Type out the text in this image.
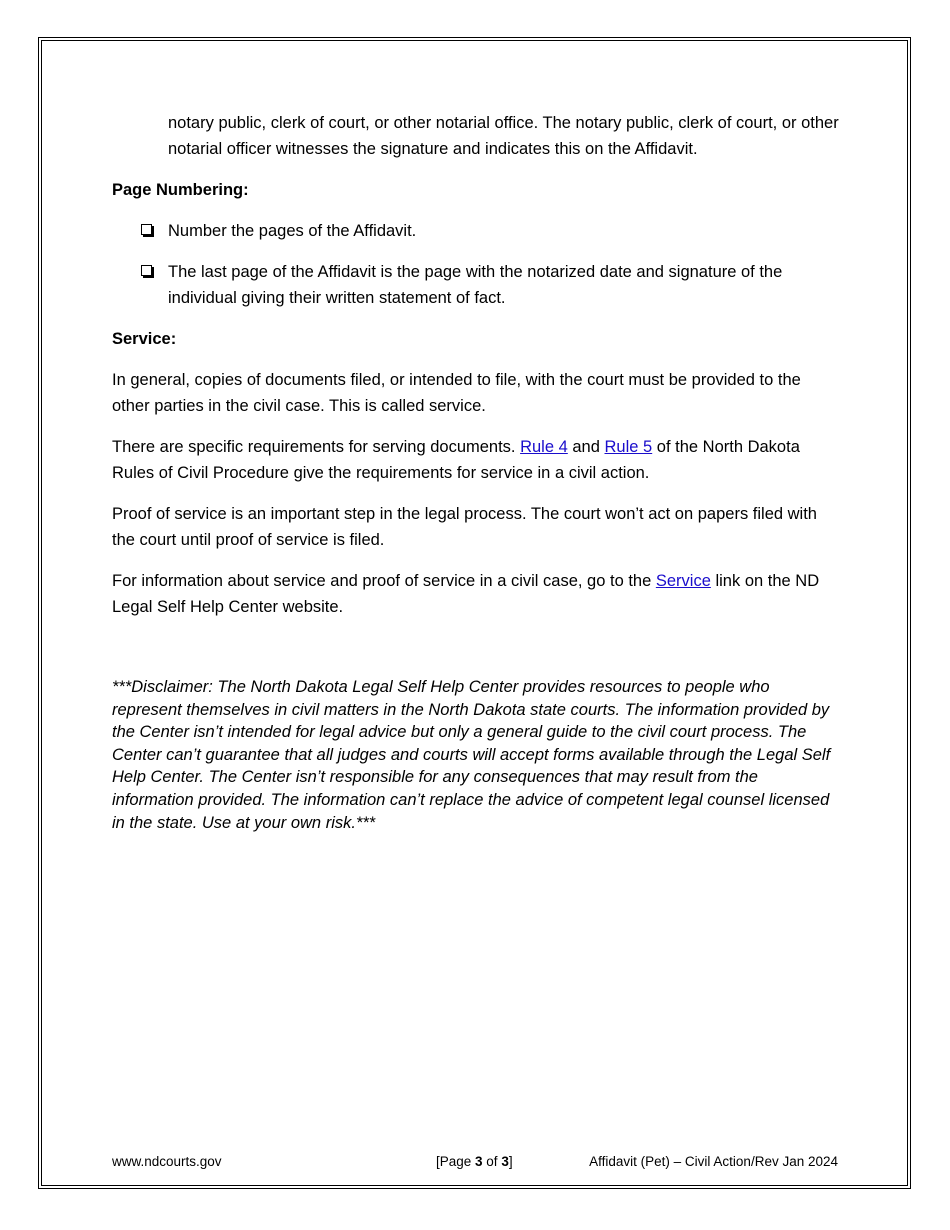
notary public, clerk of court, or other notarial office. The notary public, clerk of court, or other notarial officer witnesses the signature and indicates this on the Affidavit.

Page Numbering:
Number the pages of the Affidavit.
The last page of the Affidavit is the page with the notarized date and signature of the individual giving their written statement of fact.
Service:

In general, copies of documents filed, or intended to file, with the court must be provided to the other parties in the civil case. This is called service.

There are specific requirements for serving documents. Rule 4 and Rule 5 of the North Dakota Rules of Civil Procedure give the requirements for service in a civil action.

Proof of service is an important step in the legal process. The court won’t act on papers filed with the court until proof of service is filed.

For information about service and proof of service in a civil case, go to the Service link on the ND Legal Self Help Center website.

***Disclaimer: The North Dakota Legal Self Help Center provides resources to people who represent themselves in civil matters in the North Dakota state courts. The information provided by the Center isn’t intended for legal advice but only a general guide to the civil court process. The Center can’t guarantee that all judges and courts will accept forms available through the Legal Self Help Center. The Center isn’t responsible for any consequences that may result from the information provided. The information can’t replace the advice of competent legal counsel licensed in the state. Use at your own risk.***

www.ndcourts.gov	[Page 3 of 3]	Affidavit (Pet) – Civil Action/Rev Jan 2024
